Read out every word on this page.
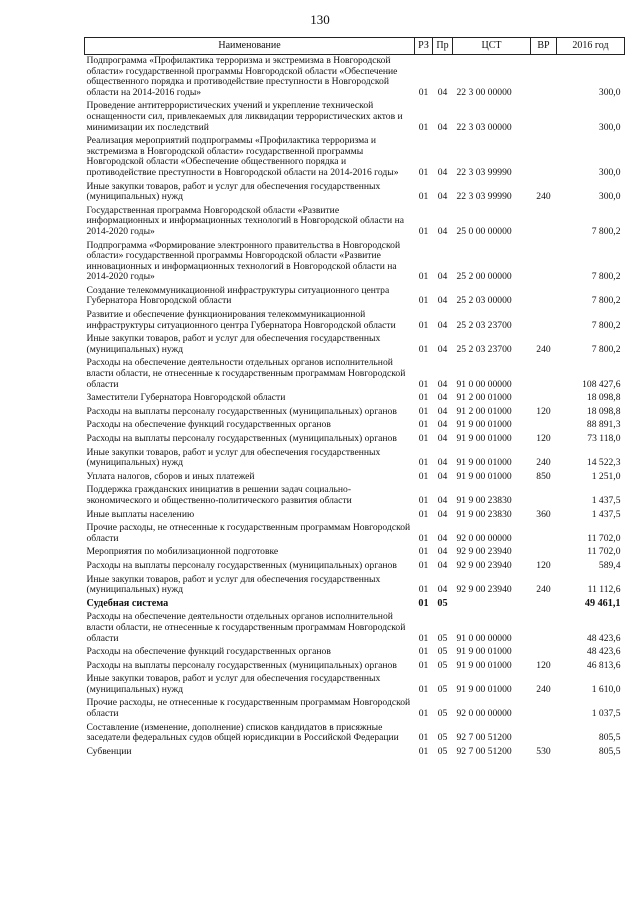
130
Наименование	РЗ	Пр	ЦСТ	ВР	2016 год
Подпрограмма «Профилактика терроризма и экстремизма в Новгородской области» государственной программы Новгородской области «Обеспечение общественного порядка и противодействие преступности в Новгородской области на 2014-2016 годы»	01	04	22 3 00 00000		300,0
Проведение антитеррористических учений и укрепление технической оснащенности сил, привлекаемых для ликвидации террористических актов и минимизации их последствий	01	04	22 3 03 00000		300,0
Реализация мероприятий подпрограммы «Профилактика терроризма и экстремизма в Новгородской области» государственной программы Новгородской области «Обеспечение общественного порядка и противодействие преступности в Новгородской области на 2014-2016 годы»	01	04	22 3 03 99990		300,0
Иные закупки товаров, работ и услуг для обеспечения государственных (муниципальных) нужд	01	04	22 3 03 99990	240	300,0
Государственная программа Новгородской области «Развитие информационных и информационных технологий в Новгородской области на 2014-2020 годы»	01	04	25 0 00 00000		7 800,2
Подпрограмма «Формирование электронного правительства в Новгородской области» государственной программы Новгородской области «Развитие инновационных и информационных технологий в Новгородской области на 2014-2020 годы»	01	04	25 2 00 00000		7 800,2
Создание телекоммуникационной инфраструктуры ситуационного центра Губернатора Новгородской области	01	04	25 2 03 00000		7 800,2
Развитие и обеспечение функционирования телекоммуникационной инфраструктуры ситуационного центра Губернатора Новгородской области	01	04	25 2 03 23700		7 800,2
Иные закупки товаров, работ и услуг для обеспечения государственных (муниципальных) нужд	01	04	25 2 03 23700	240	7 800,2
Расходы на обеспечение деятельности отдельных органов исполнительной власти области, не отнесенные к государственным программам Новгородской области	01	04	91 0 00 00000		108 427,6
Заместители Губернатора Новгородской области	01	04	91 2 00 01000		18 098,8
Расходы на выплаты персоналу государственных (муниципальных) органов	01	04	91 2 00 01000	120	18 098,8
Расходы на обеспечение функций государственных органов	01	04	91 9 00 01000		88 891,3
Расходы на выплаты персоналу государственных (муниципальных) органов	01	04	91 9 00 01000	120	73 118,0
Иные закупки товаров, работ и услуг для обеспечения государственных (муниципальных) нужд	01	04	91 9 00 01000	240	14 522,3
Уплата налогов, сборов и иных платежей	01	04	91 9 00 01000	850	1 251,0
Поддержка гражданских инициатив в решении задач социально-экономического и общественно-политического развития области	01	04	91 9 00 23830		1 437,5
Иные выплаты населению	01	04	91 9 00 23830	360	1 437,5
Прочие расходы, не отнесенные к государственным программам Новгородской области	01	04	92 0 00 00000		11 702,0
Мероприятия по мобилизационной подготовке	01	04	92 9 00 23940		11 702,0
Расходы на выплаты персоналу государственных (муниципальных) органов	01	04	92 9 00 23940	120	589,4
Иные закупки товаров, работ и услуг для обеспечения государственных (муниципальных) нужд	01	04	92 9 00 23940	240	11 112,6
Судебная система	01	05			49 461,1
Расходы на обеспечение деятельности отдельных органов исполнительной власти области, не отнесенные к государственным программам Новгородской области	01	05	91 0 00 00000		48 423,6
Расходы на обеспечение функций государственных органов	01	05	91 9 00 01000		48 423,6
Расходы на выплаты персоналу государственных (муниципальных) органов	01	05	91 9 00 01000	120	46 813,6
Иные закупки товаров, работ и услуг для обеспечения государственных (муниципальных) нужд	01	05	91 9 00 01000	240	1 610,0
Прочие расходы, не отнесенные к государственным программам Новгородской области	01	05	92 0 00 00000		1 037,5
Составление (изменение, дополнение) списков кандидатов в присяжные заседатели федеральных судов общей юрисдикции в Российской Федерации	01	05	92 7 00 51200		805,5
Субвенции	01	05	92 7 00 51200	530	805,5
